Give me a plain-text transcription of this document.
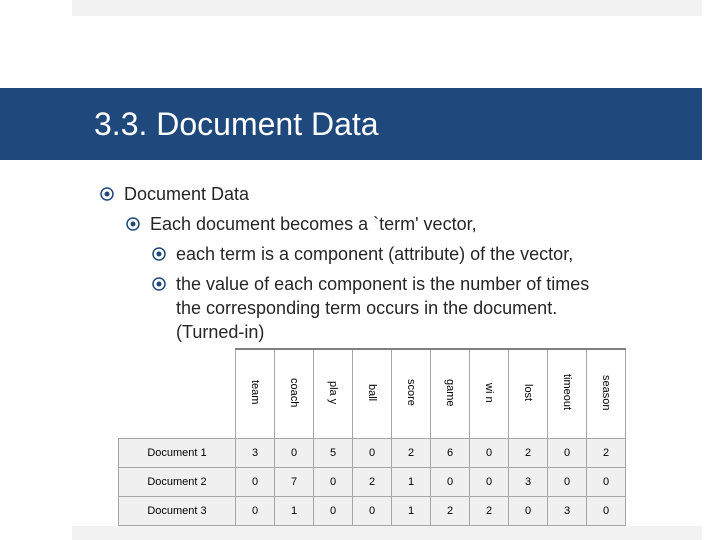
3.3. Document Data
Document Data
Each document becomes a `term' vector,
each term is a component (attribute) of the vector,
the value of each component is the number of times
the corresponding term occurs in the document.
(Turned-in)
	team	coach	pla y	ball	score	game	wi n	lost	timeout	season
Document 1	3	0	5	0	2	6	0	2	0	2
Document 2	0	7	0	2	1	0	0	3	0	0
Document 3	0	1	0	0	1	2	2	0	3	0
